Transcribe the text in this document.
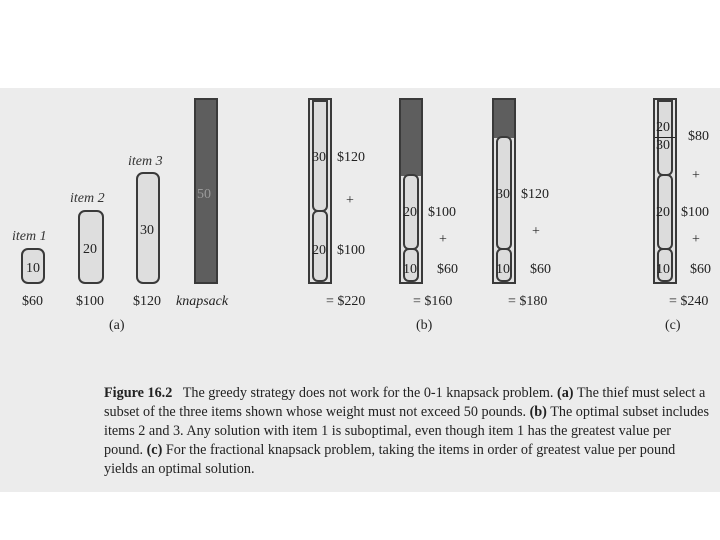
item 1
item 2
item 3
10
20
30
50
$60 $100 $120 knapsack
(a)
30 $120
+
20 $100
= $220
20 $100
+
10 $60
= $160
30 $120
+
10 $60
= $180
(b)
20
30
$80
+
20 $100
+
10 $60
= $240
(c)
Figure 16.2 The greedy strategy does not work for the 0-1 knapsack problem. (a) The thief must select a subset of the three items shown whose weight must not exceed 50 pounds. (b) The optimal subset includes items 2 and 3. Any solution with item 1 is suboptimal, even though item 1 has the greatest value per pound. (c) For the fractional knapsack problem, taking the items in order of greatest value per pound yields an optimal solution.
